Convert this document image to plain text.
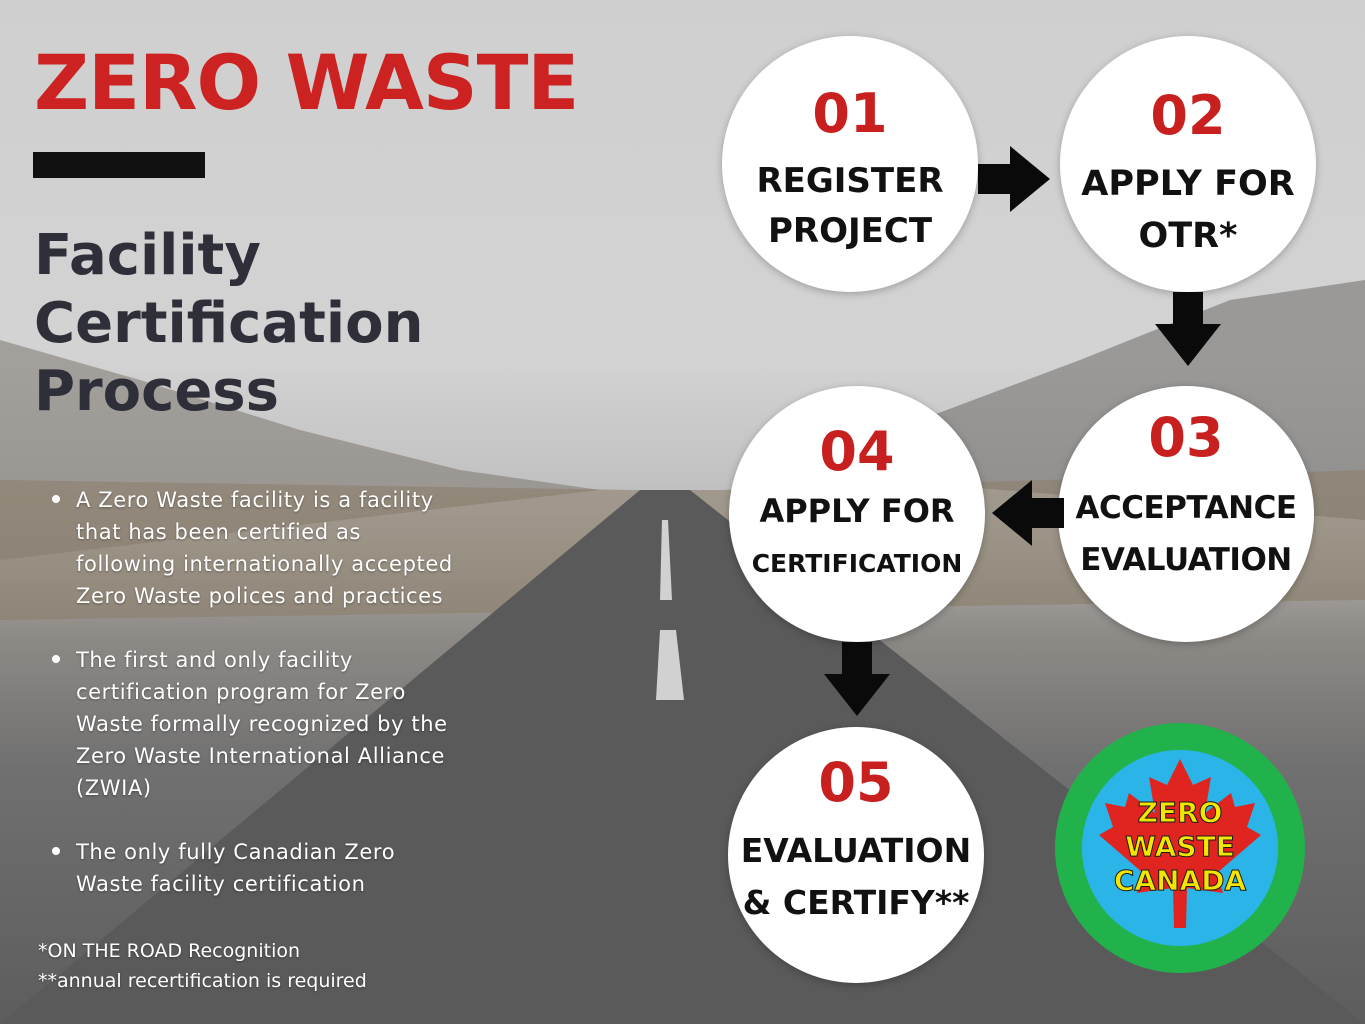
ZERO WASTE
Facility
Certification
Process
A Zero Waste facility is a facility
that has been certified as
following internationally accepted
Zero Waste polices and practices
The first and only facility
certification program for Zero
Waste formally recognized by the
Zero Waste International Alliance
(ZWIA)
The only fully Canadian Zero
Waste facility certification
*ON THE ROAD Recognition
**annual recertification is required
01
REGISTER
PROJECT
02
APPLY FOR
OTR*
03
ACCEPTANCE
EVALUATION
04
APPLY FOR
CERTIFICATION
05
EVALUATION
& CERTIFY**
ZERO
WASTE
CANADA
